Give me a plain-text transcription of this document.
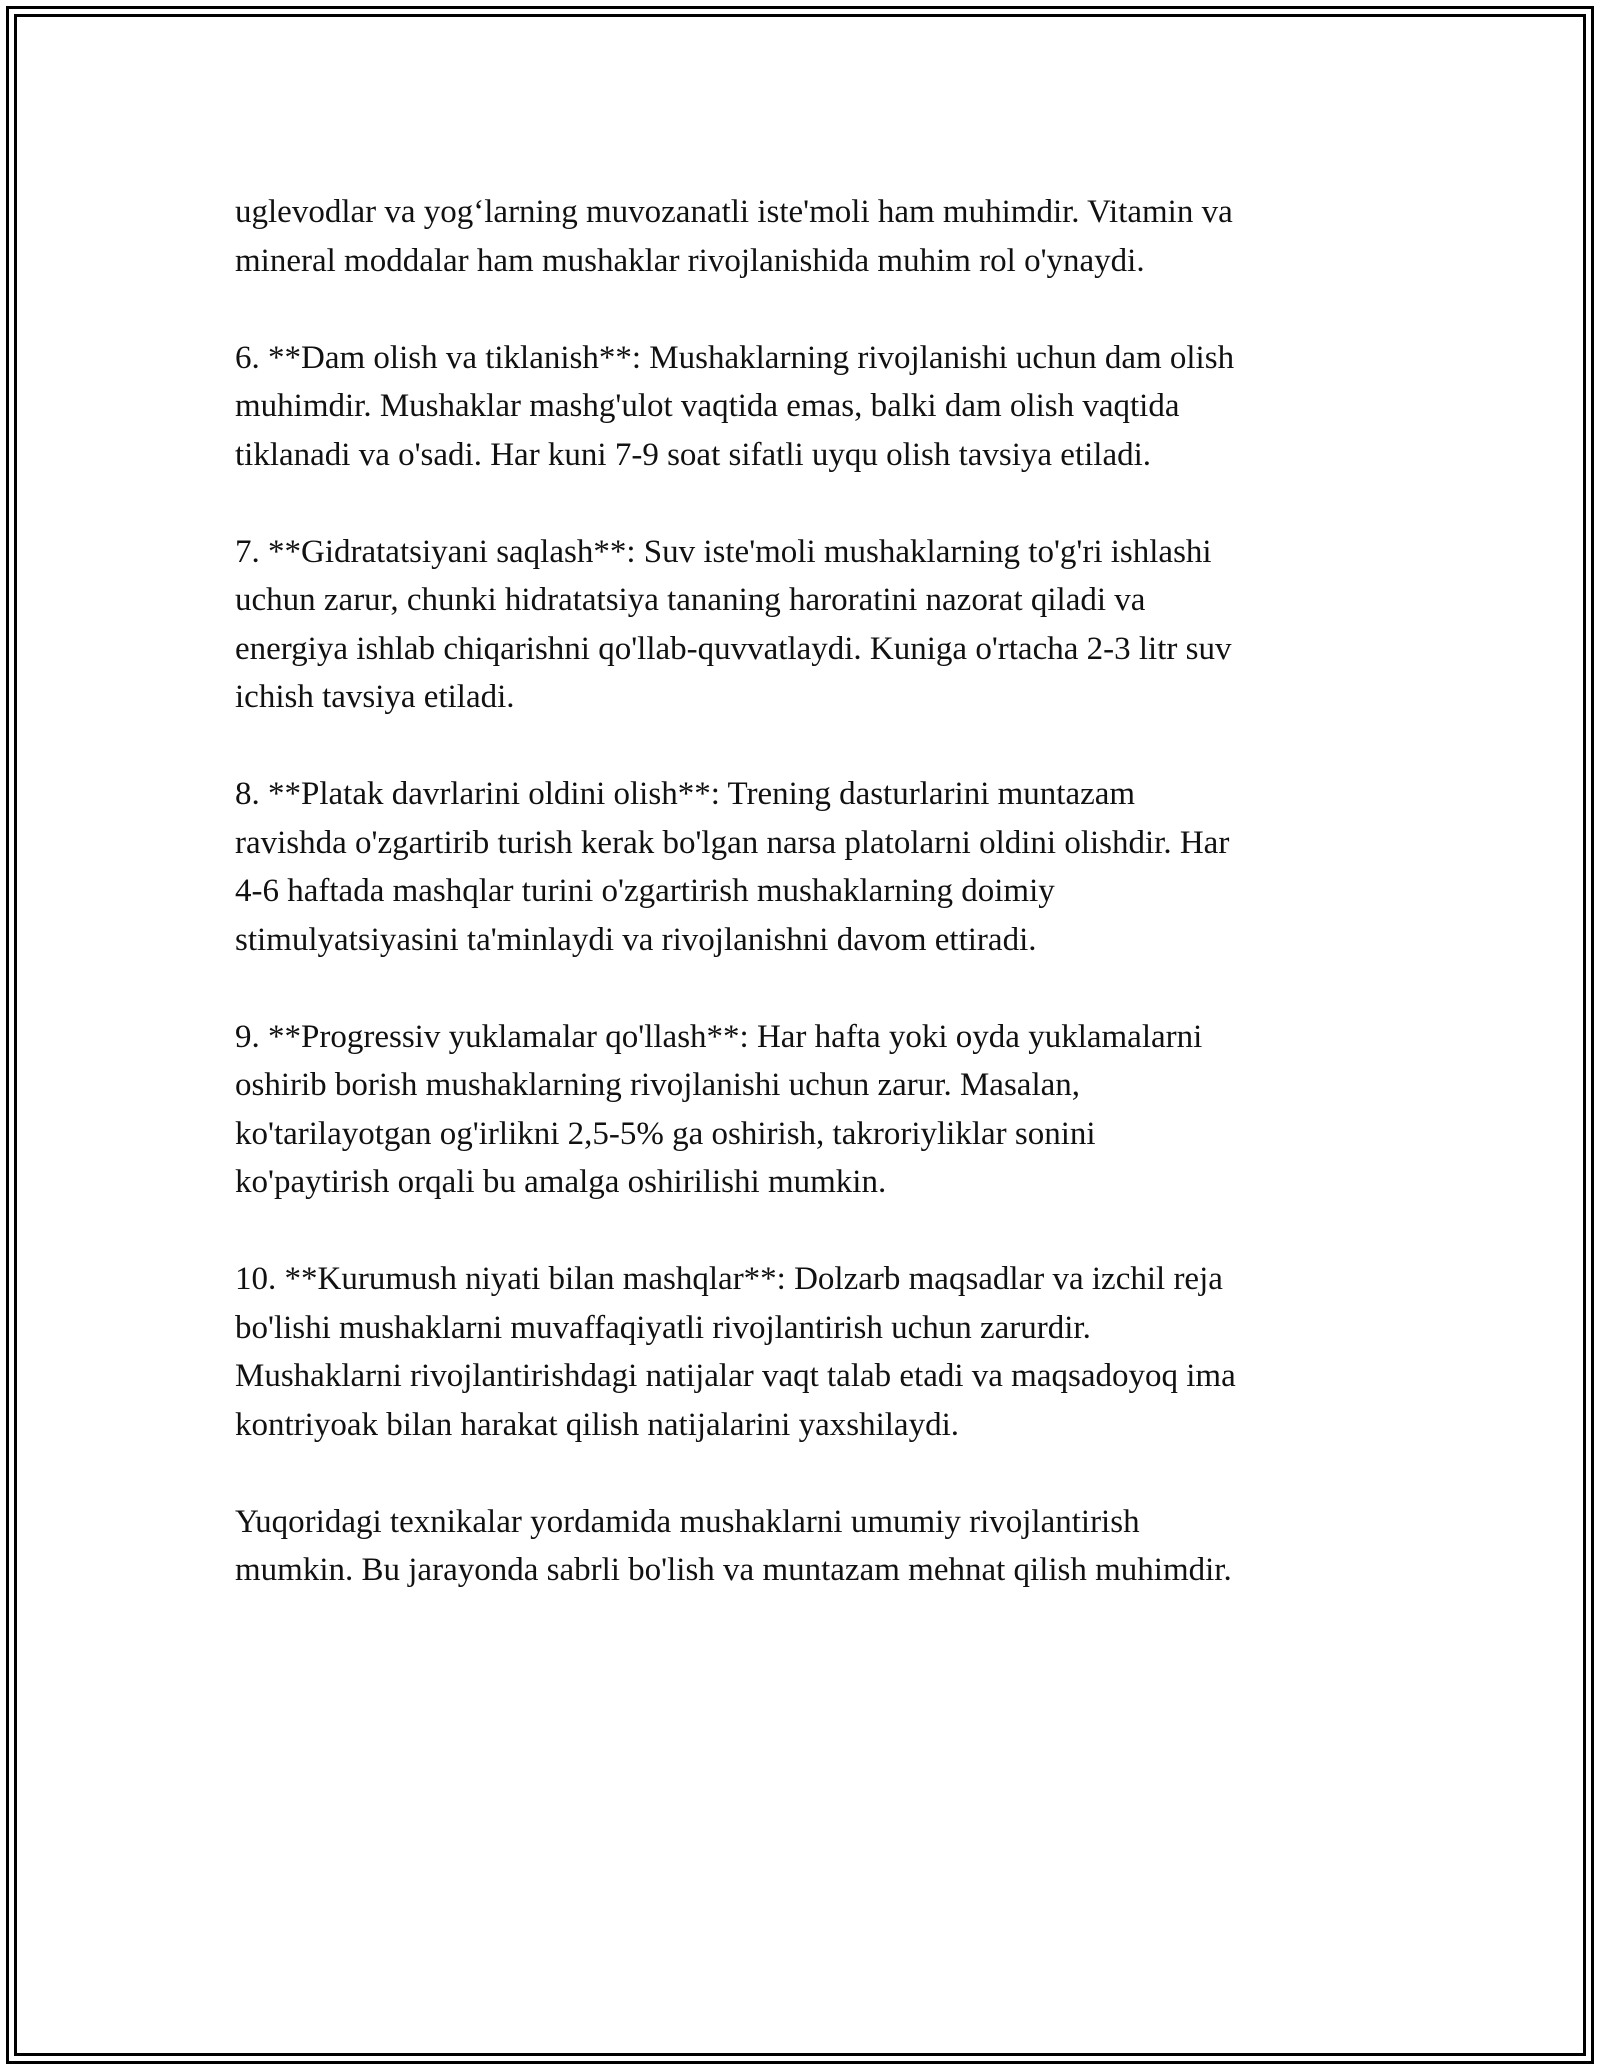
uglevodlar va yog‘larning muvozanatli iste'moli ham muhimdir. Vitamin va
mineral moddalar ham mushaklar rivojlanishida muhim rol o'ynaydi.

6. **Dam olish va tiklanish**: Mushaklarning rivojlanishi uchun dam olish
muhimdir. Mushaklar mashg'ulot vaqtida emas, balki dam olish vaqtida
tiklanadi va o'sadi. Har kuni 7-9 soat sifatli uyqu olish tavsiya etiladi.

7. **Gidratatsiyani saqlash**: Suv iste'moli mushaklarning to'g'ri ishlashi
uchun zarur, chunki hidratatsiya tananing haroratini nazorat qiladi va
energiya ishlab chiqarishni qo'llab-quvvatlaydi. Kuniga o'rtacha 2-3 litr suv
ichish tavsiya etiladi.

8. **Platak davrlarini oldini olish**: Trening dasturlarini muntazam
ravishda o'zgartirib turish kerak bo'lgan narsa platolarni oldini olishdir. Har
4-6 haftada mashqlar turini o'zgartirish mushaklarning doimiy
stimulyatsiyasini ta'minlaydi va rivojlanishni davom ettiradi.

9. **Progressiv yuklamalar qo'llash**: Har hafta yoki oyda yuklamalarni
oshirib borish mushaklarning rivojlanishi uchun zarur. Masalan,
ko'tarilayotgan og'irlikni 2,5-5% ga oshirish, takroriyliklar sonini
ko'paytirish orqali bu amalga oshirilishi mumkin.

10. **Kurumush niyati bilan mashqlar**: Dolzarb maqsadlar va izchil reja
bo'lishi mushaklarni muvaffaqiyatli rivojlantirish uchun zarurdir.
Mushaklarni rivojlantirishdagi natijalar vaqt talab etadi va maqsadoyoq ima
kontriyoak bilan harakat qilish natijalarini yaxshilaydi.

Yuqoridagi texnikalar yordamida mushaklarni umumiy rivojlantirish
mumkin. Bu jarayonda sabrli bo'lish va muntazam mehnat qilish muhimdir.
